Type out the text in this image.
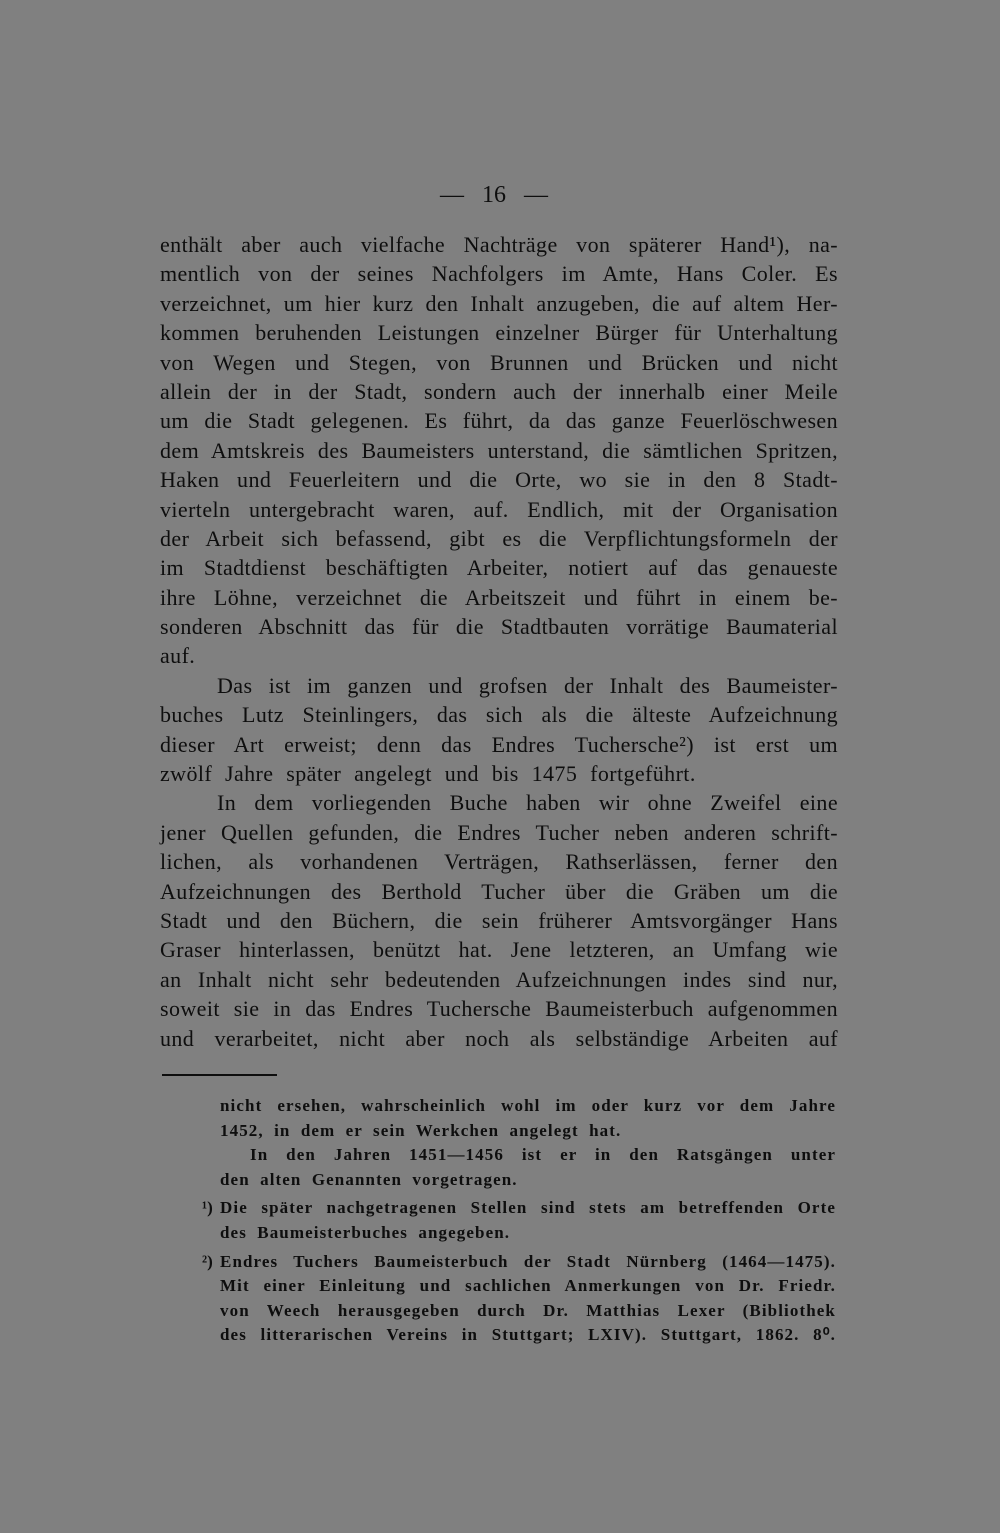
— 16 —
enthält aber auch vielfache Nachträge von späterer Hand¹), na-
mentlich von der seines Nachfolgers im Amte, Hans Coler. Es
verzeichnet, um hier kurz den Inhalt anzugeben, die auf altem Her-
kommen beruhenden Leistungen einzelner Bürger für Unterhaltung
von Wegen und Stegen, von Brunnen und Brücken und nicht
allein der in der Stadt, sondern auch der innerhalb einer Meile
um die Stadt gelegenen. Es führt, da das ganze Feuerlöschwesen
dem Amtskreis des Baumeisters unterstand, die sämtlichen Spritzen,
Haken und Feuerleitern und die Orte, wo sie in den 8 Stadt-
vierteln untergebracht waren, auf. Endlich, mit der Organisation
der Arbeit sich befassend, gibt es die Verpflichtungsformeln der
im Stadtdienst beschäftigten Arbeiter, notiert auf das genaueste
ihre Löhne, verzeichnet die Arbeitszeit und führt in einem be-
sonderen Abschnitt das für die Stadtbauten vorrätige Baumaterial
auf.
Das ist im ganzen und grofsen der Inhalt des Baumeister-
buches Lutz Steinlingers, das sich als die älteste Aufzeichnung
dieser Art erweist; denn das Endres Tuchersche²) ist erst um
zwölf Jahre später angelegt und bis 1475 fortgeführt.
In dem vorliegenden Buche haben wir ohne Zweifel eine
jener Quellen gefunden, die Endres Tucher neben anderen schrift-
lichen, als vorhandenen Verträgen, Rathserlässen, ferner den
Aufzeichnungen des Berthold Tucher über die Gräben um die
Stadt und den Büchern, die sein früherer Amtsvorgänger Hans
Graser hinterlassen, benützt hat. Jene letzteren, an Umfang wie
an Inhalt nicht sehr bedeutenden Aufzeichnungen indes sind nur,
soweit sie in das Endres Tuchersche Baumeisterbuch aufgenommen
und verarbeitet, nicht aber noch als selbständige Arbeiten auf
nicht ersehen, wahrscheinlich wohl im oder kurz vor dem Jahre
1452, in dem er sein Werkchen angelegt hat.
In den Jahren 1451—1456 ist er in den Ratsgängen unter
den alten Genannten vorgetragen.
¹) Die später nachgetragenen Stellen sind stets am betreffenden Orte
des Baumeisterbuches angegeben.
²) Endres Tuchers Baumeisterbuch der Stadt Nürnberg (1464—1475).
Mit einer Einleitung und sachlichen Anmerkungen von Dr. Friedr.
von Weech herausgegeben durch Dr. Matthias Lexer (Bibliothek
des litterarischen Vereins in Stuttgart; LXIV). Stuttgart, 1862. 8⁰.
